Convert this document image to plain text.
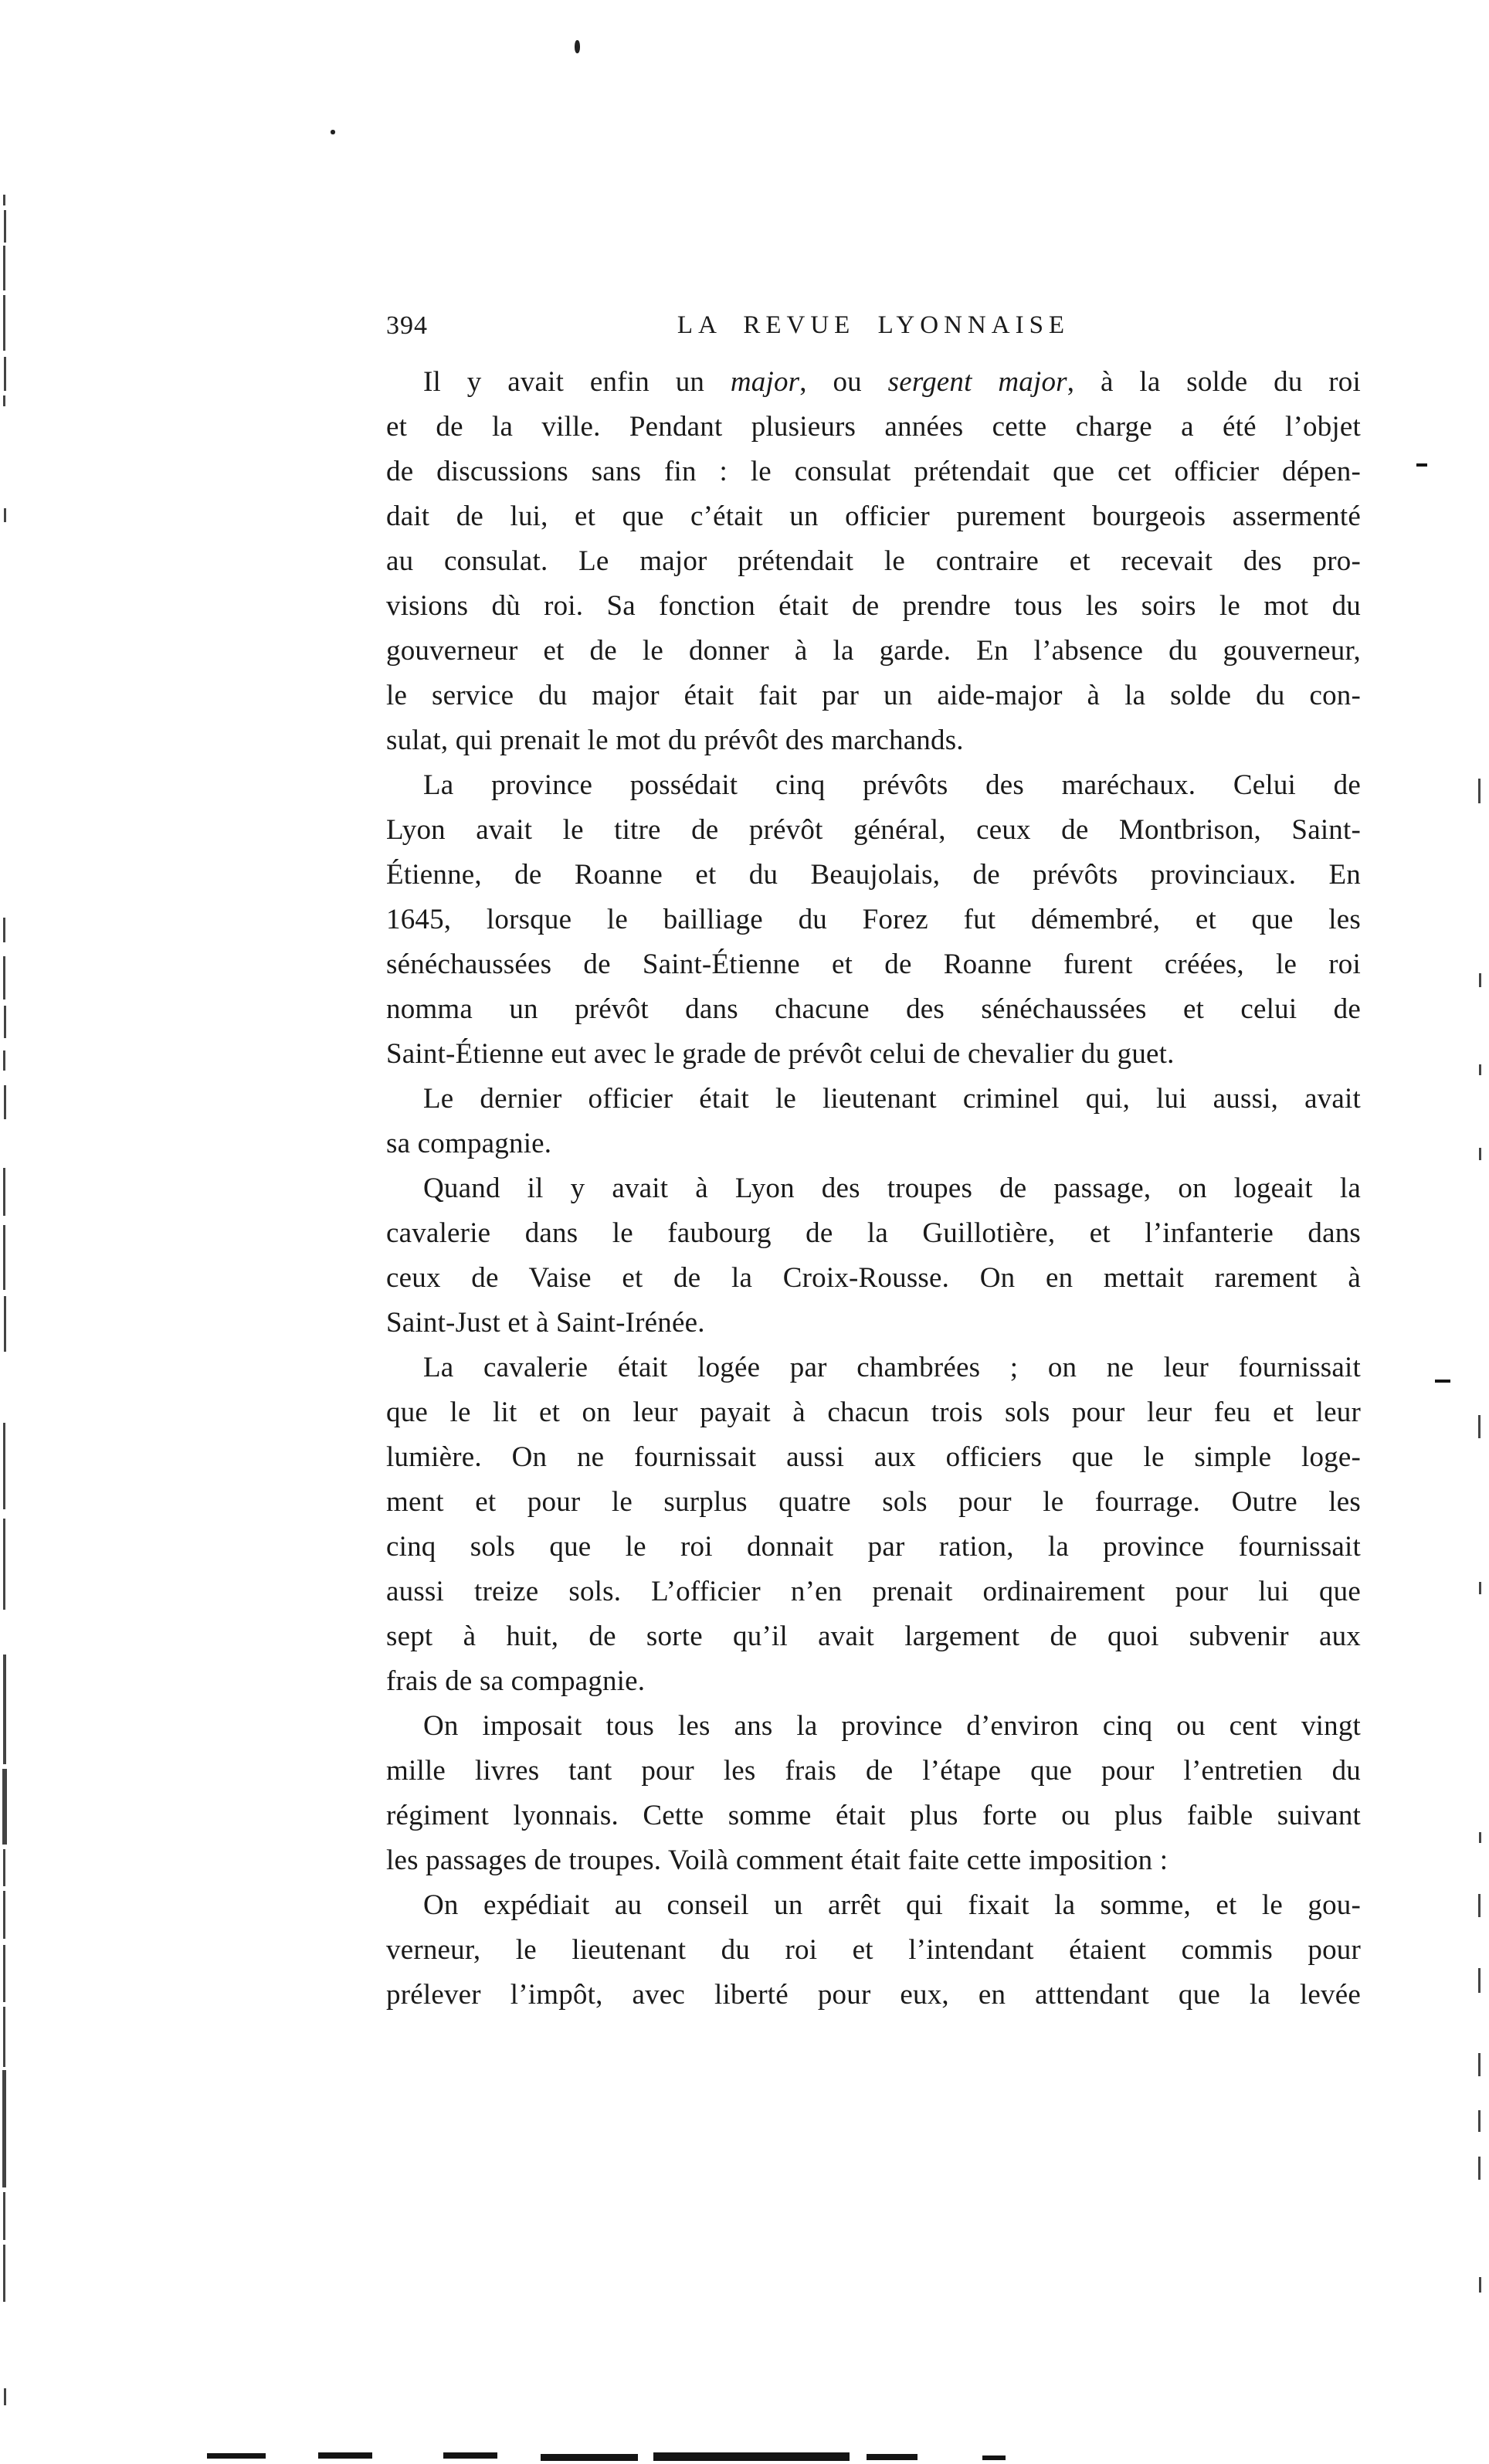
394	LA REVUE LYONNAISE
Il y avait enfin un major, ou sergent major, à la solde du roi
et de la ville. Pendant plusieurs années cette charge a été l’objet
de discussions sans fin : le consulat prétendait que cet officier dépen-
dait de lui, et que c’était un officier purement bourgeois assermenté
au consulat. Le major prétendait le contraire et recevait des pro-
visions dù roi. Sa fonction était de prendre tous les soirs le mot du
gouverneur et de le donner à la garde. En l’absence du gouverneur,
le service du major était fait par un aide-major à la solde du con-
sulat, qui prenait le mot du prévôt des marchands.
La province possédait cinq prévôts des maréchaux. Celui de
Lyon avait le titre de prévôt général, ceux de Montbrison, Saint-
Étienne, de Roanne et du Beaujolais, de prévôts provinciaux. En
1645, lorsque le bailliage du Forez fut démembré, et que les
sénéchaussées de Saint-Étienne et de Roanne furent créées, le roi
nomma un prévôt dans chacune des sénéchaussées et celui de
Saint-Étienne eut avec le grade de prévôt celui de chevalier du guet.
Le dernier officier était le lieutenant criminel qui, lui aussi, avait
sa compagnie.
Quand il y avait à Lyon des troupes de passage, on logeait la
cavalerie dans le faubourg de la Guillotière, et l’infanterie dans
ceux de Vaise et de la Croix-Rousse. On en mettait rarement à
Saint-Just et à Saint-Irénée.
La cavalerie était logée par chambrées ; on ne leur fournissait
que le lit et on leur payait à chacun trois sols pour leur feu et leur
lumière. On ne fournissait aussi aux officiers que le simple loge-
ment et pour le surplus quatre sols pour le fourrage. Outre les
cinq sols que le roi donnait par ration, la province fournissait
aussi treize sols. L’officier n’en prenait ordinairement pour lui que
sept à huit, de sorte qu’il avait largement de quoi subvenir aux
frais de sa compagnie.
On imposait tous les ans la province d’environ cinq ou cent vingt
mille livres tant pour les frais de l’étape que pour l’entretien du
régiment lyonnais. Cette somme était plus forte ou plus faible suivant
les passages de troupes. Voilà comment était faite cette imposition :
On expédiait au conseil un arrêt qui fixait la somme, et le gou-
verneur, le lieutenant du roi et l’intendant étaient commis pour
prélever l’impôt, avec liberté pour eux, en atttendant que la levée
